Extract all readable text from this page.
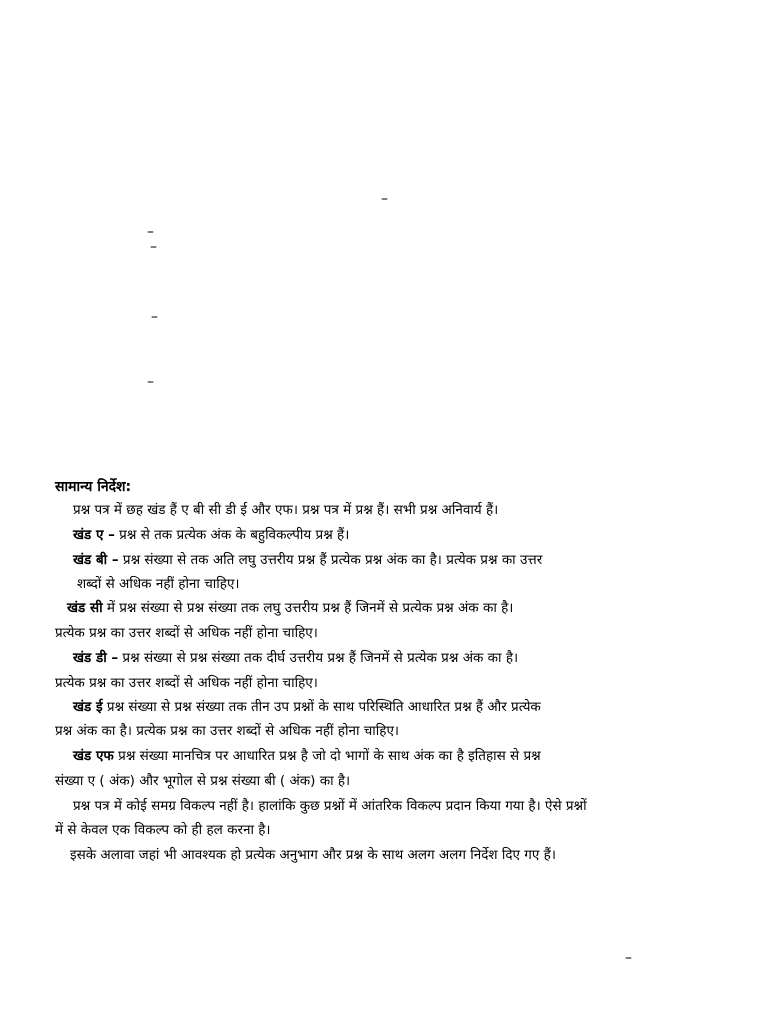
–
–
–
–
–
–
सामान्य निर्देश:
प्रश्न पत्र में छह खंड हैं ए बी सी डी ई और एफ। प्रश्न पत्र में प्रश्न हैं। सभी प्रश्न अनिवार्य हैं।
खंड ए – प्रश्न से तक प्रत्येक अंक के बहुविकल्पीय प्रश्न हैं।
खंड बी – प्रश्न संख्या से तक अति लघु उत्तरीय प्रश्न हैं प्रत्येक प्रश्न अंक का है। प्रत्येक प्रश्न का उत्तर
शब्दों से अधिक नहीं होना चाहिए।
खंड सी में प्रश्न संख्या से प्रश्न संख्या तक लघु उत्तरीय प्रश्न हैं जिनमें से प्रत्येक प्रश्न अंक का है।
प्रत्येक प्रश्न का उत्तर शब्दों से अधिक नहीं होना चाहिए।
खंड डी – प्रश्न संख्या से प्रश्न संख्या तक दीर्घ उत्तरीय प्रश्न हैं जिनमें से प्रत्येक प्रश्न अंक का है।
प्रत्येक प्रश्न का उत्तर शब्दों से अधिक नहीं होना चाहिए।
खंड ई प्रश्न संख्या से प्रश्न संख्या तक तीन उप प्रश्नों के साथ परिस्थिति आधारित प्रश्न हैं और प्रत्येक
प्रश्न अंक का है। प्रत्येक प्रश्न का उत्तर शब्दों से अधिक नहीं होना चाहिए।
खंड एफ प्रश्न संख्या मानचित्र पर आधारित प्रश्न है जो दो भागों के साथ अंक का है इतिहास से प्रश्न
संख्या ए ( अंक) और भूगोल से प्रश्न संख्या बी ( अंक) का है।
प्रश्न पत्र में कोई समग्र विकल्प नहीं है। हालांकि कुछ प्रश्नों में आंतरिक विकल्प प्रदान किया गया है। ऐसे प्रश्नों
में से केवल एक विकल्प को ही हल करना है।
इसके अलावा जहां भी आवश्यक हो प्रत्येक अनुभाग और प्रश्न के साथ अलग अलग निर्देश दिए गए हैं।
